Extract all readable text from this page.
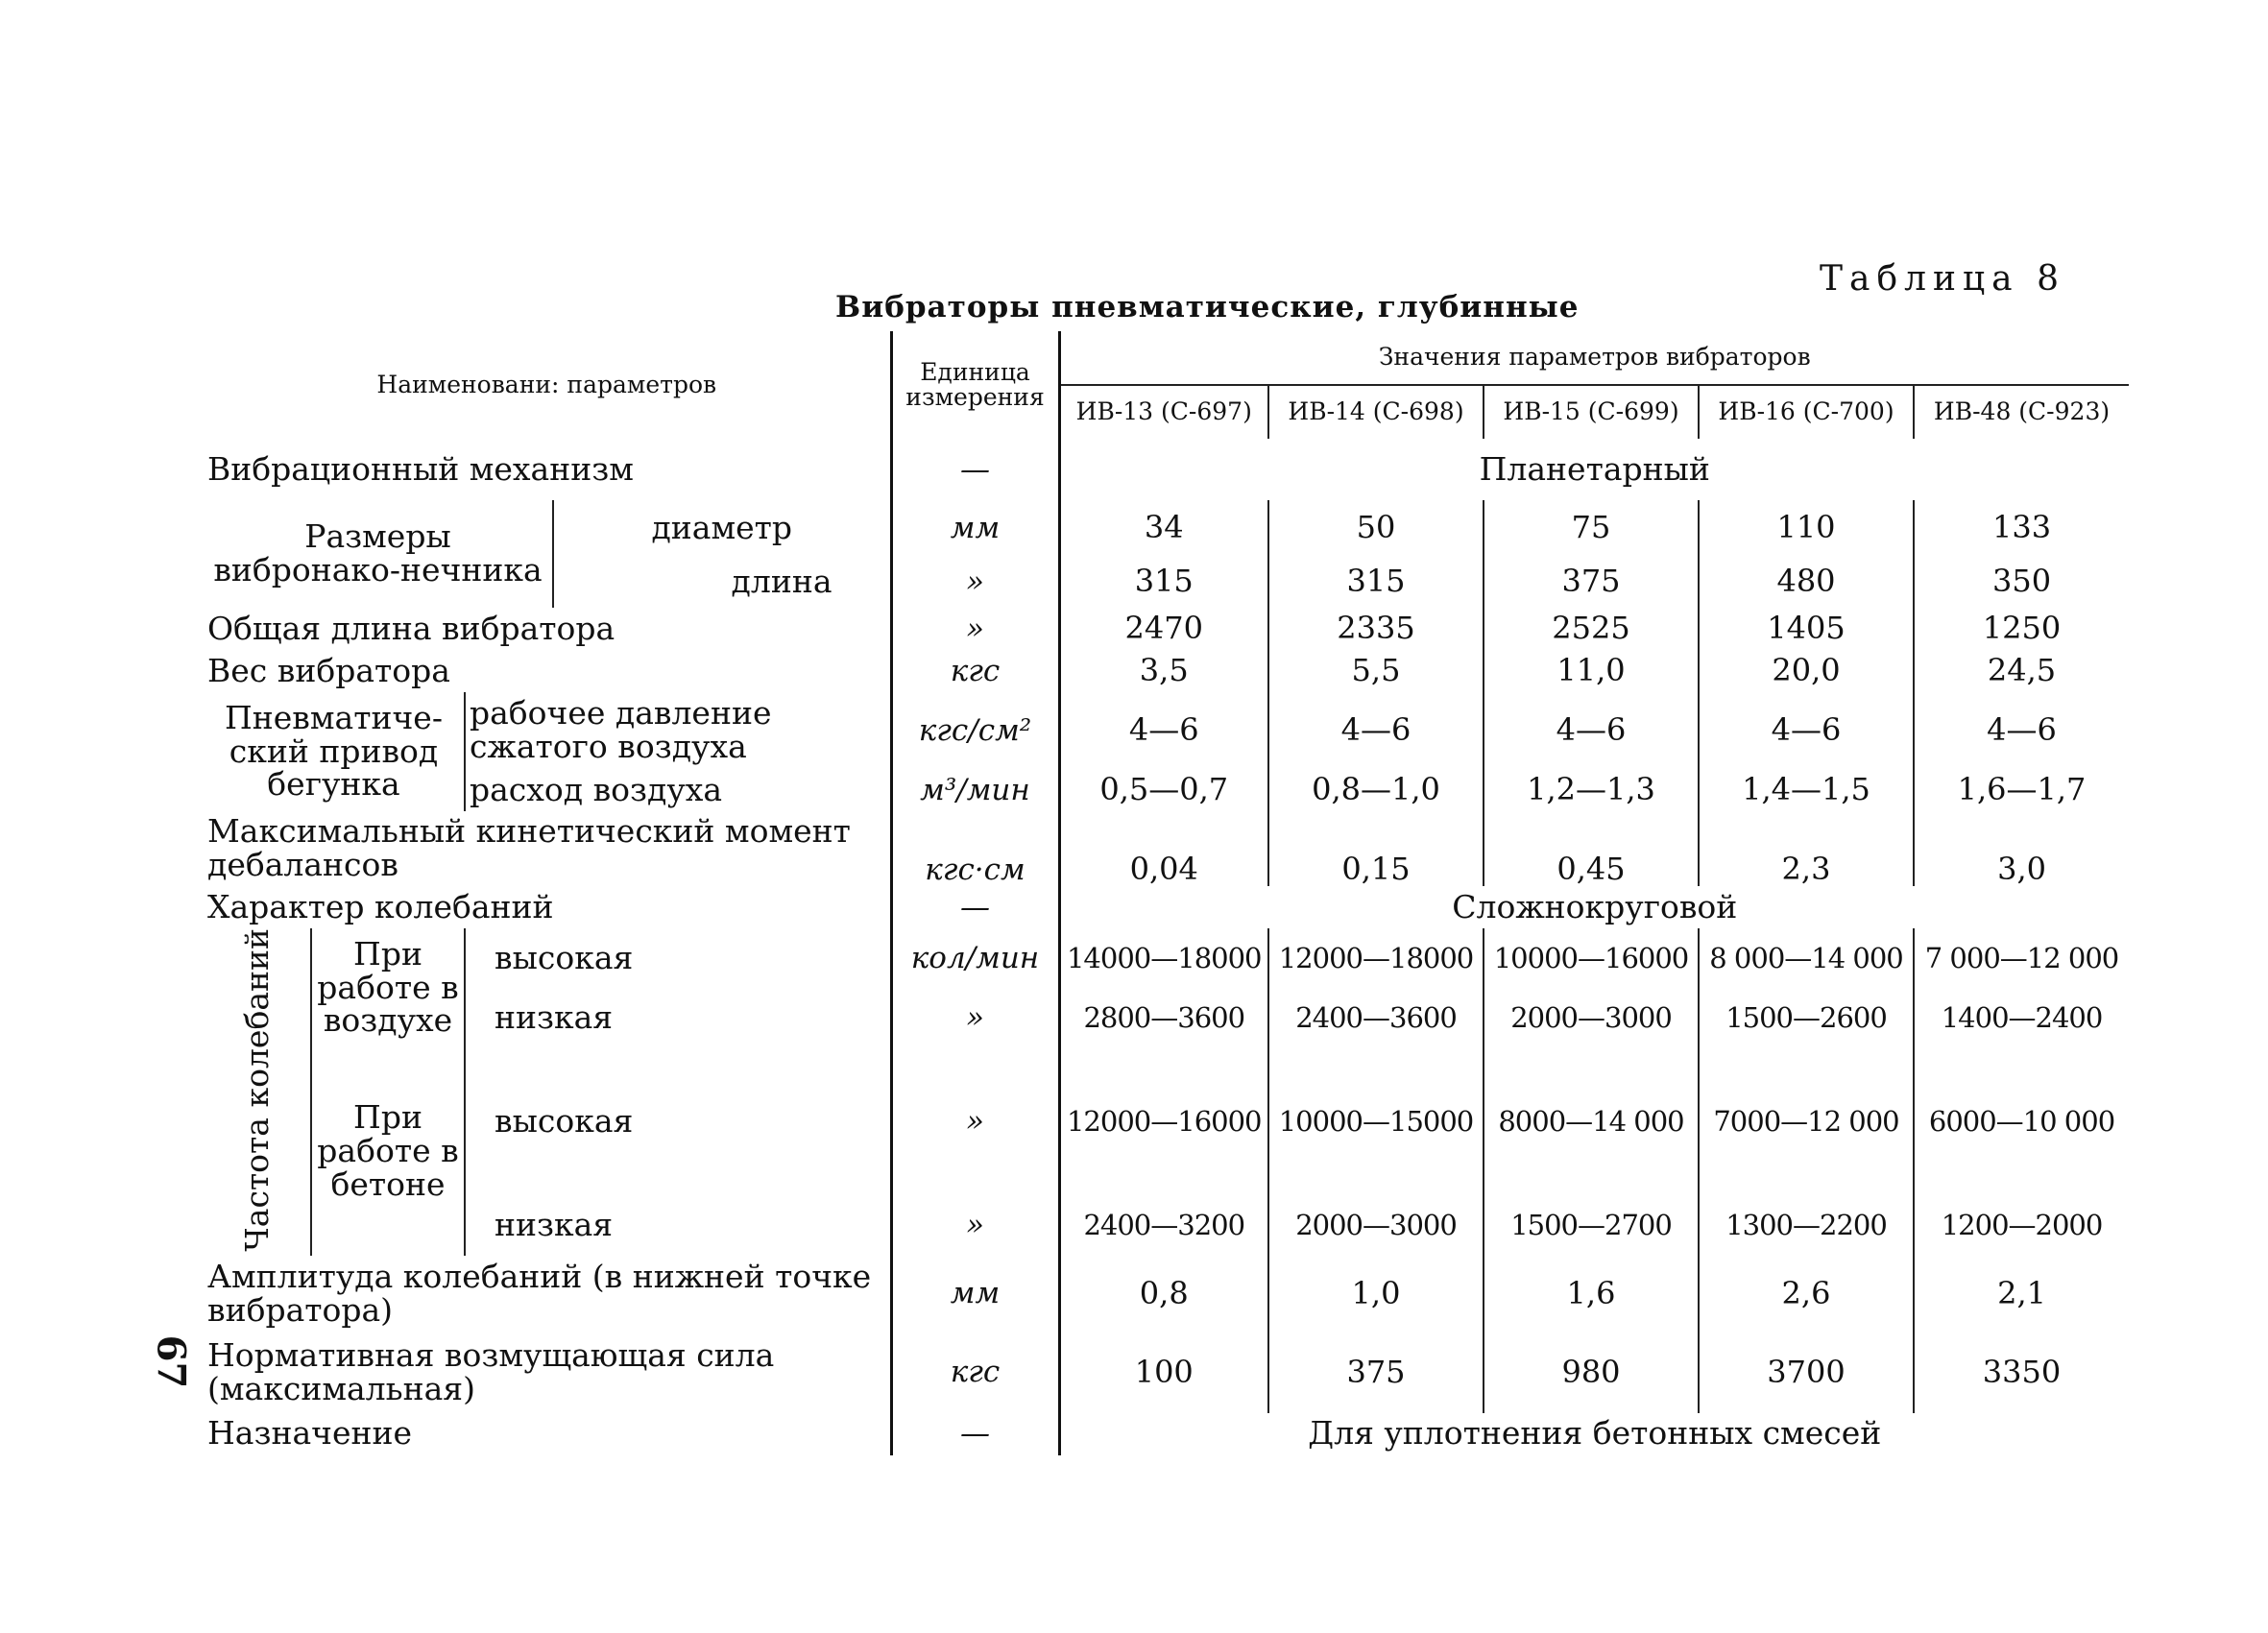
Таблица 8
Вибраторы пневматические, глубинные
Наименовани: параметров				Единица измерения	Значения параметров вибраторов				
					ИВ-13 (С-697)	ИВ-14 (С-698)	ИВ-15 (С-699)	ИВ-16 (С-700)	ИВ-48 (С-923)
Вибрационный механизм				—	Планетарный				
Размеры вибронако-нечника			диаметр	мм	34	50	75	110	133
			длина	»	315	315	375	480	350
Общая длина вибратора				»	2470	2335	2525	1405	1250
Вес вибратора				кгс	3,5	5,5	11,0	20,0	24,5
Пневматиче-ский привод бегунка		рабочее давление сжатого воздуха		кгс/см²	4—6	4—6	4—6	4—6	4—6
		расход воздуха		м³/мин	0,5—0,7	0,8—1,0	1,2—1,3	1,4—1,5	1,6—1,7
Максимальный кинетический момент дебалансов				кгс·см	0,04	0,15	0,45	2,3	3,0
Характер колебаний				—	Сложнокруговой				
Частота колебаний	При работе в воздухе	высокая		кол/мин	14000—18000	12000—18000	10000—16000	8 000—14 000	7 000—12 000
		низкая		»	2800—3600	2400—3600	2000—3000	1500—2600	1400—2400
	При работе в бетоне	высокая		»	12000—16000	10000—15000	8000—14 000	7000—12 000	6000—10 000
		низкая		»	2400—3200	2000—3000	1500—2700	1300—2200	1200—2000
Амплитуда колебаний (в нижней точке вибратора)				мм	0,8	1,0	1,6	2,6	2,1
Нормативная возмущающая сила (максимальная)				кгс	100	375	980	3700	3350
Назначение				—	Для уплотнения бетонных смесей				
67
